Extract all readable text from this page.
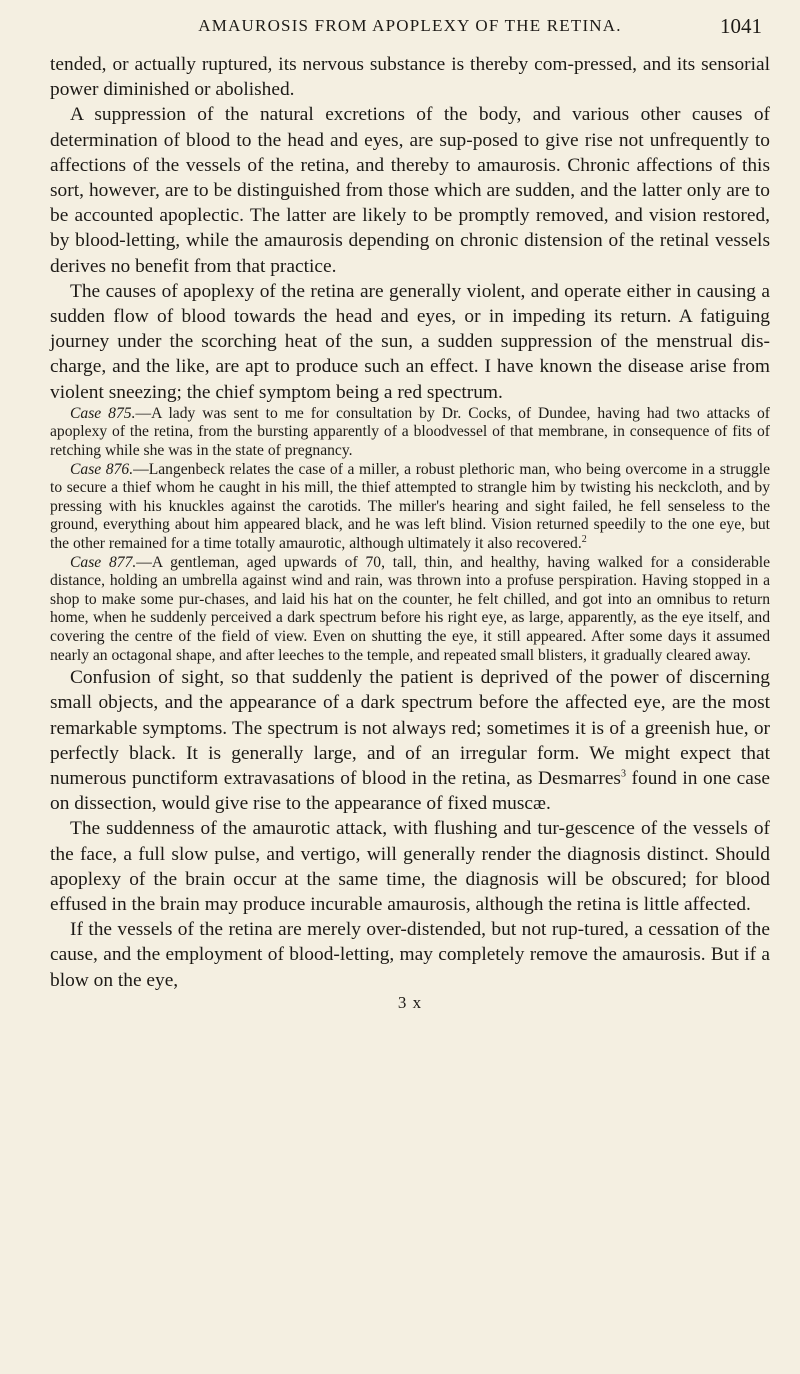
AMAUROSIS FROM APOPLEXY OF THE RETINA.	1041

tended, or actually ruptured, its nervous substance is thereby com-pressed, and its sensorial power diminished or abolished.

A suppression of the natural excretions of the body, and various other causes of determination of blood to the head and eyes, are sup-posed to give rise not unfrequently to affections of the vessels of the retina, and thereby to amaurosis. Chronic affections of this sort, however, are to be distinguished from those which are sudden, and the latter only are to be accounted apoplectic. The latter are likely to be promptly removed, and vision restored, by blood-letting, while the amaurosis depending on chronic distension of the retinal vessels derives no benefit from that practice.

The causes of apoplexy of the retina are generally violent, and operate either in causing a sudden flow of blood towards the head and eyes, or in impeding its return. A fatiguing journey under the scorching heat of the sun, a sudden suppression of the menstrual dis-charge, and the like, are apt to produce such an effect. I have known the disease arise from violent sneezing; the chief symptom being a red spectrum.

Case 875.—A lady was sent to me for consultation by Dr. Cocks, of Dundee, having had two attacks of apoplexy of the retina, from the bursting apparently of a bloodvessel of that membrane, in consequence of fits of retching while she was in the state of pregnancy.

Case 876.—Langenbeck relates the case of a miller, a robust plethoric man, who being overcome in a struggle to secure a thief whom he caught in his mill, the thief attempted to strangle him by twisting his neckcloth, and by pressing with his knuckles against the carotids. The miller's hearing and sight failed, he fell senseless to the ground, everything about him appeared black, and he was left blind. Vision returned speedily to the one eye, but the other remained for a time totally amaurotic, although ultimately it also recovered.$^2$

Case 877.—A gentleman, aged upwards of 70, tall, thin, and healthy, having walked for a considerable distance, holding an umbrella against wind and rain, was thrown into a profuse perspiration. Having stopped in a shop to make some pur-chases, and laid his hat on the counter, he felt chilled, and got into an omnibus to return home, when he suddenly perceived a dark spectrum before his right eye, as large, apparently, as the eye itself, and covering the centre of the field of view. Even on shutting the eye, it still appeared. After some days it assumed nearly an octagonal shape, and after leeches to the temple, and repeated small blisters, it gradually cleared away.

Confusion of sight, so that suddenly the patient is deprived of the power of discerning small objects, and the appearance of a dark spectrum before the affected eye, are the most remarkable symptoms. The spectrum is not always red; sometimes it is of a greenish hue, or perfectly black. It is generally large, and of an irregular form. We might expect that numerous punctiform extravasations of blood in the retina, as Desmarres$^3$ found in one case on dissection, would give rise to the appearance of fixed muscæ.

The suddenness of the amaurotic attack, with flushing and tur-gescence of the vessels of the face, a full slow pulse, and vertigo, will generally render the diagnosis distinct. Should apoplexy of the brain occur at the same time, the diagnosis will be obscured; for blood effused in the brain may produce incurable amaurosis, although the retina is little affected.

If the vessels of the retina are merely over-distended, but not rup-tured, a cessation of the cause, and the employment of blood-letting, may completely remove the amaurosis. But if a blow on the eye,

3 x
